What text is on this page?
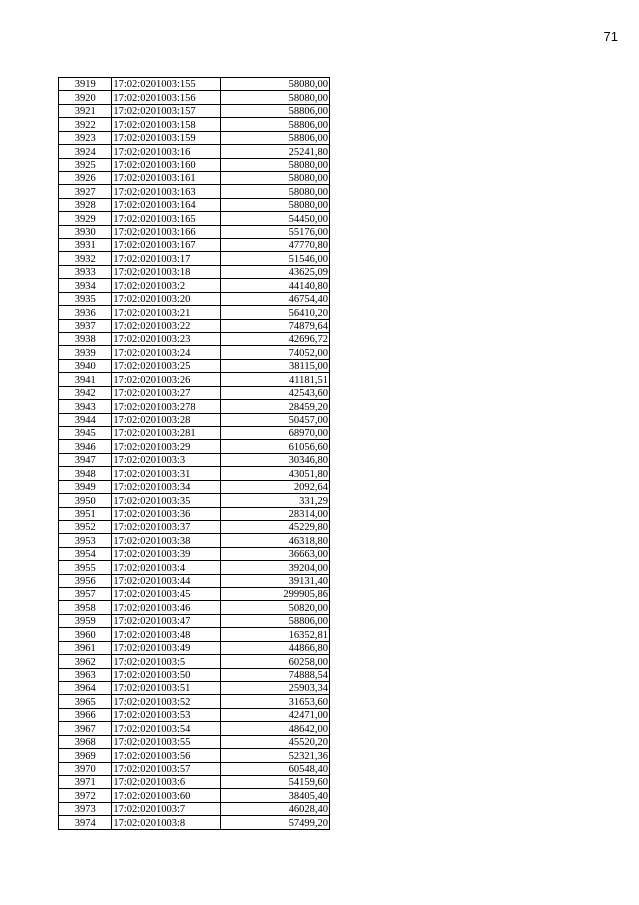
71
3919	17:02:0201003:155	58080,00
3920	17:02:0201003:156	58080,00
3921	17:02:0201003:157	58806,00
3922	17:02:0201003:158	58806,00
3923	17:02:0201003:159	58806,00
3924	17:02:0201003:16	25241,80
3925	17:02:0201003:160	58080,00
3926	17:02:0201003:161	58080,00
3927	17:02:0201003:163	58080,00
3928	17:02:0201003:164	58080,00
3929	17:02:0201003:165	54450,00
3930	17:02:0201003:166	55176,00
3931	17:02:0201003:167	47770,80
3932	17:02:0201003:17	51546,00
3933	17:02:0201003:18	43625,09
3934	17:02:0201003:2	44140,80
3935	17:02:0201003:20	46754,40
3936	17:02:0201003:21	56410,20
3937	17:02:0201003:22	74879,64
3938	17:02:0201003:23	42696,72
3939	17:02:0201003:24	74052,00
3940	17:02:0201003:25	38115,00
3941	17:02:0201003:26	41181,51
3942	17:02:0201003:27	42543,60
3943	17:02:0201003:278	28459,20
3944	17:02:0201003:28	50457,00
3945	17:02:0201003:281	68970,00
3946	17:02:0201003:29	61056,60
3947	17:02:0201003:3	30346,80
3948	17:02:0201003:31	43051,80
3949	17:02:0201003:34	2092,64
3950	17:02:0201003:35	331,29
3951	17:02:0201003:36	28314,00
3952	17:02:0201003:37	45229,80
3953	17:02:0201003:38	46318,80
3954	17:02:0201003:39	36663,00
3955	17:02:0201003:4	39204,00
3956	17:02:0201003:44	39131,40
3957	17:02:0201003:45	299905,86
3958	17:02:0201003:46	50820,00
3959	17:02:0201003:47	58806,00
3960	17:02:0201003:48	16352,81
3961	17:02:0201003:49	44866,80
3962	17:02:0201003:5	60258,00
3963	17:02:0201003:50	74888,54
3964	17:02:0201003:51	25903,34
3965	17:02:0201003:52	31653,60
3966	17:02:0201003:53	42471,00
3967	17:02:0201003:54	48642,00
3968	17:02:0201003:55	45520,20
3969	17:02:0201003:56	52321,36
3970	17:02:0201003:57	60548,40
3971	17:02:0201003:6	54159,60
3972	17:02:0201003:60	38405,40
3973	17:02:0201003:7	46028,40
3974	17:02:0201003:8	57499,20
